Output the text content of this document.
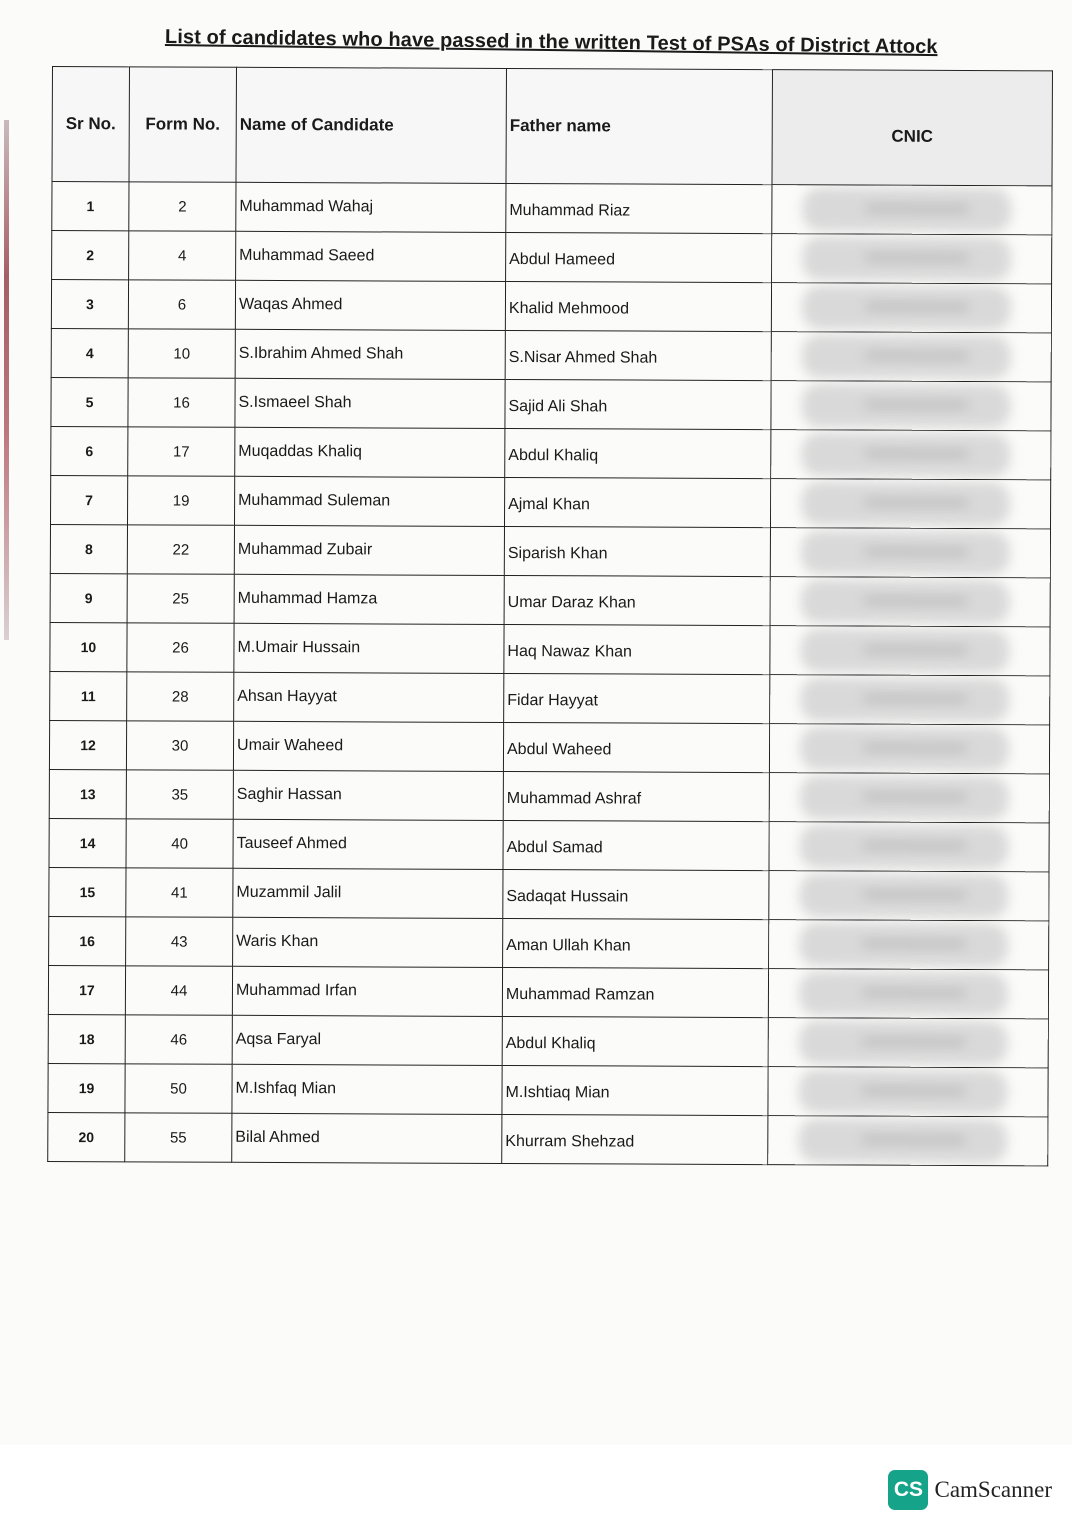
List of candidates who have passed in the written Test of PSAs of District Attock
Sr No.	Form No.	Name of Candidate	Father name	CNIC
1	2	Muhammad Wahaj	Muhammad Riaz	

2	4	Muhammad Saeed	Abdul Hameed	

3	6	Waqas Ahmed	Khalid Mehmood	

4	10	S.Ibrahim Ahmed Shah	S.Nisar Ahmed Shah	

5	16	S.Ismaeel Shah	Sajid Ali Shah	

6	17	Muqaddas Khaliq	Abdul Khaliq	

7	19	Muhammad Suleman	Ajmal Khan	

8	22	Muhammad Zubair	Siparish Khan	

9	25	Muhammad Hamza	Umar Daraz Khan	

10	26	M.Umair Hussain	Haq Nawaz Khan	

11	28	Ahsan Hayyat	Fidar Hayyat	

12	30	Umair Waheed	Abdul Waheed	

13	35	Saghir Hassan	Muhammad Ashraf	

14	40	Tauseef Ahmed	Abdul Samad	

15	41	Muzammil Jalil	Sadaqat Hussain	

16	43	Waris Khan	Aman Ullah Khan	

17	44	Muhammad Irfan	Muhammad Ramzan	

18	46	Aqsa Faryal	Abdul Khaliq	

19	50	M.Ishfaq Mian	M.Ishtiaq Mian	

20	55	Bilal Ahmed	Khurram Shehzad	
CS CamScanner
